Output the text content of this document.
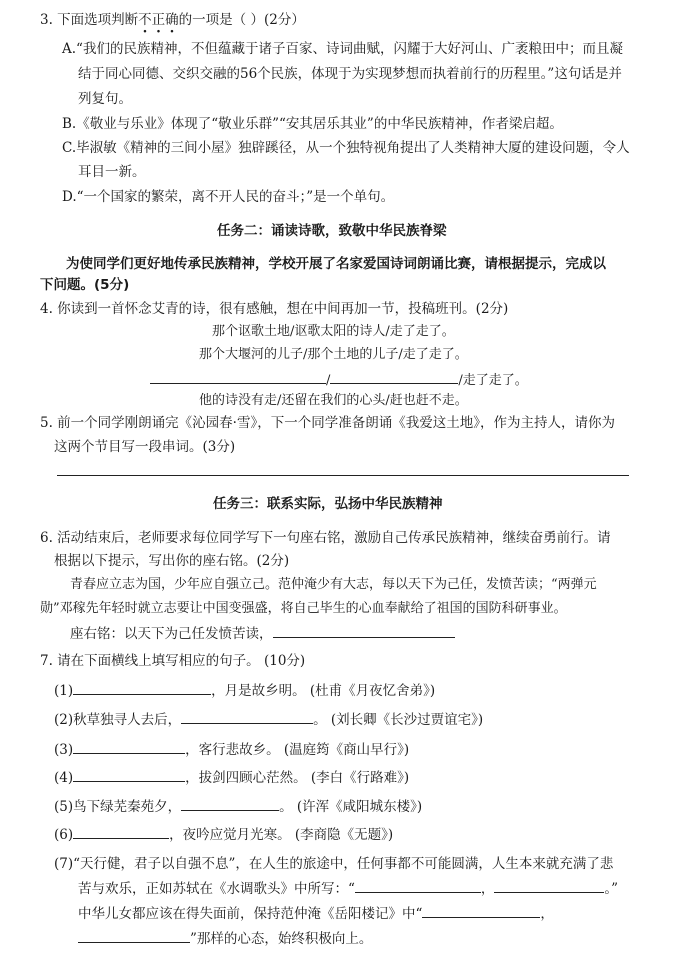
3. 下面选项判断不正确的一项是（ ）(2分）
A.“我们的民族精神，不但蕴藏于诸子百家、诗词曲赋，闪耀于大好河山、广袤粮田中；而且凝
结于同心同德、交织交融的56个民族，体现于为实现梦想而执着前行的历程里。”这句话是并
列复句。
B.《敬业与乐业》体现了“敬业乐群”“安其居乐其业”的中华民族精神，作者梁启超。
C.毕淑敏《精神的三间小屋》独辟蹊径，从一个独特视角提出了人类精神大厦的建设问题，令人
耳目一新。
D.“一个国家的繁荣，离不开人民的奋斗；”是一个单句。
任务二：诵读诗歌，致敬中华民族脊梁
为使同学们更好地传承民族精神，学校开展了名家爱国诗词朗诵比赛，请根据提示，完成以
下问题。(5分)
4. 你读到一首怀念艾青的诗，很有感触，想在中间再加一节，投稿班刊。(2分)
那个讴歌土地/讴歌太阳的诗人/走了走了。
那个大堰河的儿子/那个土地的儿子/走了走了。
/	/走了走了。
他的诗没有走/还留在我们的心头/赶也赶不走。
5. 前一个同学刚朗诵完《沁园春·雪》，下一个同学准备朗诵《我爱这土地》，作为主持人，请你为
这两个节目写一段串词。(3分)
任务三：联系实际，弘扬中华民族精神
6. 活动结束后，老师要求每位同学写下一句座右铭，激励自己传承民族精神，继续奋勇前行。请
根据以下提示，写出你的座右铭。(2分)
青春应立志为国，少年应自强立己。范仲淹少有大志，每以天下为己任，发愤苦读；“两弹元
勋”邓稼先年轻时就立志要让中国变强盛，将自己毕生的心血奉献给了祖国的国防科研事业。
座右铭：以天下为己任发愤苦读，
7. 请在下面横线上填写相应的句子。 (10分)
(1)	，月是故乡明。 (杜甫《月夜忆舍弟》)
(2)秋草独寻人去后，	。 (刘长卿《长沙过贾谊宅》)
(3)	，客行悲故乡。 (温庭筠《商山早行》)
(4)	，拔剑四顾心茫然。 (李白《行路难》)
(5)鸟下绿芜秦苑夕，	。 (许浑《咸阳城东楼》)
(6)	，夜吟应觉月光寒。 (李商隐《无题》)
(7)“天行健，君子以自强不息”，在人生的旅途中，任何事都不可能圆满，人生本来就充满了悲
苦与欢乐，正如苏轼在《水调歌头》中所写：“	，	。”
中华儿女都应该在得失面前，保持范仲淹《岳阳楼记》中“	，
”那样的心态，始终积极向上。
